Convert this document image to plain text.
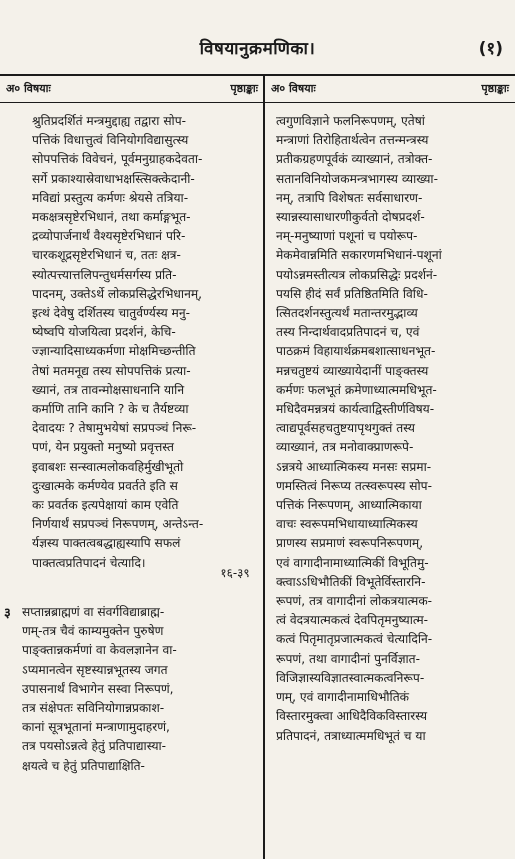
विषयानुक्रमणिका।	(१)
अ० विषयाः	पृष्ठाङ्काः अ० विषयाः	पृष्ठाङ्काः
श्रुतिप्रदर्शितं मन्त्रमुद्दाह्य तद्वारा सोप-
पत्तिकं विधात्तुत्वं विनियोगविद्यासुत्स्य
सोपपत्तिकं विवेचनं, पूर्वमनुग्राहकदेवता-
सर्गे प्रकाश्यास्रेवाधाभक्षस्त्सिक्त्केदानी-
मविद्यां प्रस्तुत्य कर्मणः श्रेयसे तत्रिया-
मकक्षत्रसृष्टेरभिधानं, तथा कर्माङ्गभूत-
द्रव्योपार्जनार्थं वैश्यसृष्टेरभिधानं परि-
चारकशूद्रसृष्टेरभिधानं च, ततः क्षत्र-
स्योत्पत्त्यात्तलिपन्तुधर्मसर्गस्य प्रति-
पादनम्, उक्तेऽर्थे लोकप्रसिद्धेरभिधानम्,
इत्थं देवेषु दर्शितस्य चातुर्वर्ण्यस्य मनु-
ष्येष्वपि योजयित्वा प्रदर्शनं, केचि-
ज्ज्ञान्यादिसाध्यकर्मणा मोक्षमिच्छन्तीति
तेषां मतमनूद्य तस्य सोपपत्तिकं प्रत्या-
ख्यानं, तत्र तावन्मोक्षसाधनानि यानि
कर्माणि तानि कानि ? के च तैर्यष्टव्या
देवादयः ? तेषामुभयेषां सप्रपञ्चं निरू-
पणं, येन प्रयुक्तो मनुष्यो प्रवृत्तस्त
इवाबशः सन्स्वात्मलोकवहिर्मुखीभूतो
दुःखात्मके कर्मण्येव प्रवर्तते इति स
कः प्रवर्तक इत्यपेक्षायां काम एवेति
निर्णयार्थं सप्रपञ्चं निरूपणम्, अन्तेऽन्त-
र्यज्ञस्य पाक्तत्वबद्धाह्यस्यापि सफलं
पाक्तत्वप्रतिपादनं चेत्यादि।
१६-३९
३ सप्तान्नब्राह्मणं वा संवर्गविद्याब्राह्म-
णम्-तत्र चैवं काम्यमुक्तेन पुरुषेण
पाङ्क्तान्नकर्मणां वा केवलज्ञानेन वा-
ऽप्यमानत्वेन सृष्टस्यान्नभूतस्य जगत
उपासनार्थं विभागेन सस्वा निरूपणं,
तत्र संक्षेपतः सविनियोगान्नप्रकाश-
कानां सूत्रभूतानां मन्त्राणामुदाहरणं,
तत्र पयसोऽन्नत्वे हेतुं प्रतिपाद्यास्या-
क्षयत्वे च हेतुं प्रतिपाद्याक्षिति-
त्वगुणविज्ञाने फलनिरूपणम्, एतेषां
मन्त्राणां तिरोहितार्थत्वेन तत्तन्मन्त्रस्य
प्रतीकग्रहणपूर्वकं व्याख्यानं, तत्रोक्त-
सतानविनियोजकमन्त्रभागस्य व्याख्या-
नम्, तत्रापि विशेषतः सर्वसाधारण-
स्यान्नस्यासाधारणीकुर्वतो दोषप्रदर्श-
नम्-मनुष्याणां पशूनां च पयोरूप-
मेकमेवान्नमिति सकारणमभिधानं-पशूनां
पयोऽन्नमस्तीत्यत्र लोकप्रसिद्धेः प्रदर्शनं-
पयसि हीदं सर्वं प्रतिष्ठितमिति विधि-
त्सितदर्शनस्तुत्यर्थं मतान्तरमुद्भाव्य
तस्य निन्दार्थवादप्रतिपादनं च, एवं
पाठक्रमं विहायार्थक्रमबशात्साधनभूत-
मन्नचतुष्टयं व्याख्यायेदानीं पाङ्क्तस्य
कर्मणः फलभूतं क्रमेणाध्यात्ममधिभूत-
मधिदैवमन्नत्रयं कार्यत्वाद्विस्तीर्णविषय-
त्वाद्यपूर्वसहचतुष्टयापृथगुक्तं तस्य
व्याख्यानं, तत्र मनोवाक्प्राणरूपे-
ऽन्नत्रये आध्यात्मिकस्य मनसः सप्रमा-
णमस्तित्वं निरूप्य तत्स्वरूपस्य सोप-
पत्तिकं निरूपणम्, आध्यात्मिकाया
वाचः स्वरूपमभिधायाध्यात्मिकस्य
प्राणस्य सप्रमाणं स्वरूपनिरूपणम्,
एवं वागादीनामाध्यात्मिकीं विभूतिमु-
क्त्वाऽऽधिभौतिकीं विभूतेर्विस्तारनि-
रूपणं, तत्र वागादीनां लोकत्रयात्मक-
त्वं वेदत्रयात्मकत्वं देवपितृमनुष्यात्म-
कत्वं पितृमातृप्रजात्मकत्वं चेत्यादिनि-
रूपणं, तथा वागादीनां पुनर्विज्ञात-
विजिज्ञास्यविज्ञातस्वात्मकत्वनिरूप-
णम्, एवं वागादीनामाधिभौतिकं
विस्तारमुक्त्वा आधिदैविकविस्तारस्य
प्रतिपादनं, तत्राध्यात्ममधिभूतं च या
